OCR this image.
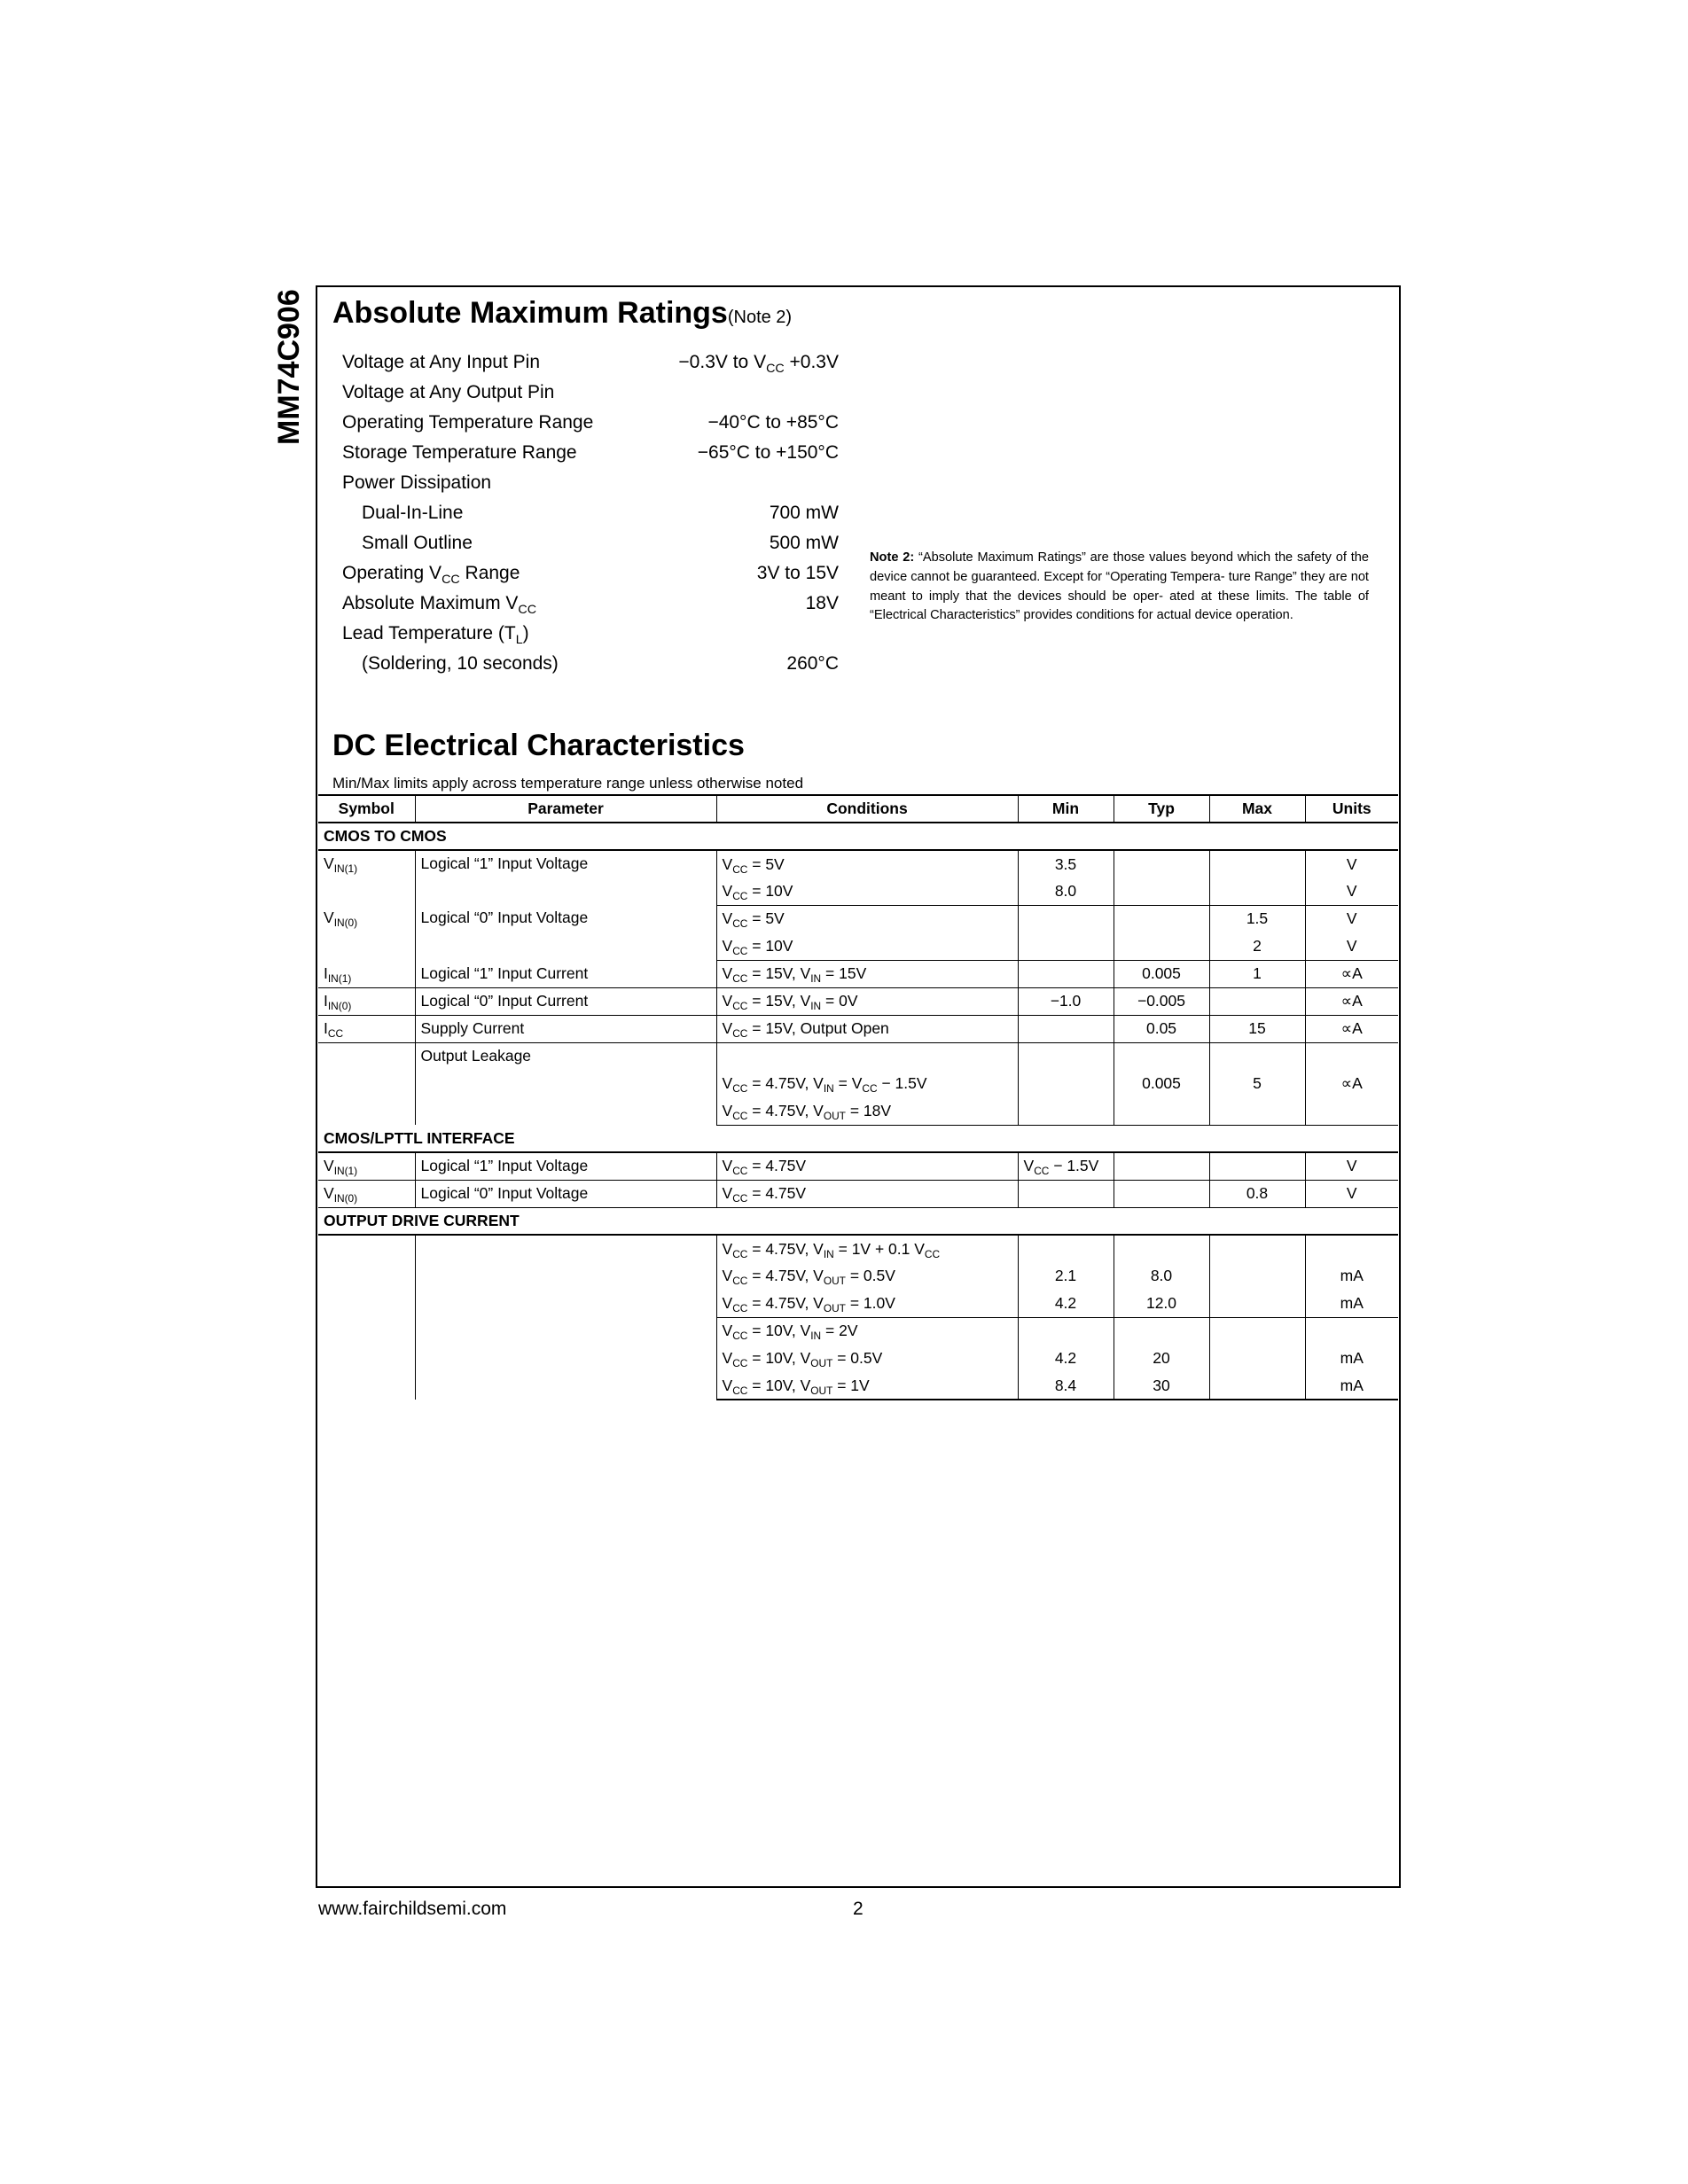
MM74C906 Absolute Maximum Ratings(Note 2)
Voltage at Any Input Pin	−0.3V to $V_{CC} +0.3V$
Voltage at Any Output Pin
Operating Temperature Range	−40°C to +85°C
Storage Temperature Range	−65°C to +150°C
Power Dissipation
Dual-In-Line	700 mW
Small Outline	500 mW
Operating $V_{CC}$ Range	3V to 15V
Absolute Maximum $V_{CC}$	18V
Lead Temperature $(T_L)$
(Soldering, 10 seconds)	260°C
Note 2: “Absolute Maximum Ratings” are those values beyond which the safety of the device cannot be guaranteed. Except for “Operating Tempera- ture Range” they are not meant to imply that the devices should be oper- ated at these limits. The table of “Electrical Characteristics” provides conditions for actual device operation.
DC Electrical Characteristics
Min/Max limits apply across temperature range unless otherwise noted
Symbol	Parameter	Conditions	Min	Typ	Max	Units
CMOS TO CMOS						
$V_{IN(1)}$	Logical “1” Input Voltage	$V_{CC} = 5V$	3.5			V
		$V_{CC} = 10V$	8.0			V
$V_{IN(0)}$	Logical “0” Input Voltage	$V_{CC} = 5V$			1.5	V
		$V_{CC} = 10V$			2	V
$I_{IN(1)}$	Logical “1” Input Current	$V_{CC} = 15V$, $V_{IN} = 15V$		0.005	1	∝A
$I_{IN(0)}$	Logical “0” Input Current	$V_{CC} = 15V$, $V_{IN} = 0V$	−1.0	−0.005		∝A
$I_{CC}$	Supply Current	$V_{CC} = 15V$, Output Open		0.05	15	∝A
	Output Leakage					
		$V_{CC} = 4.75V$, $V_{IN} = V_{CC} - 1.5V$		0.005	5	∝A
		$V_{CC} = 4.75V$, $V_{OUT} = 18V$				
CMOS/LPTTL INTERFACE						
$V_{IN(1)}$	Logical “1” Input Voltage	$V_{CC} = 4.75V$	$V_{CC} - 1.5V$			V
$V_{IN(0)}$	Logical “0” Input Voltage	$V_{CC} = 4.75V$			0.8	V
OUTPUT DRIVE CURRENT						
		$V_{CC} = 4.75V$, $V_{IN} = 1V + 0.1$ $V_{CC}$				
		$V_{CC} = 4.75V$, $V_{OUT} = 0.5V$	2.1	8.0		mA
		$V_{CC} = 4.75V$, $V_{OUT} = 1.0V$	4.2	12.0		mA
		$V_{CC} = 10V$, $V_{IN} = 2V$				
		$V_{CC} = 10V$, $V_{OUT} = 0.5V$	4.2	20		mA
		$V_{CC} = 10V$, $V_{OUT} = 1V$	8.4	30		mA
www.fairchildsemi.com	2
